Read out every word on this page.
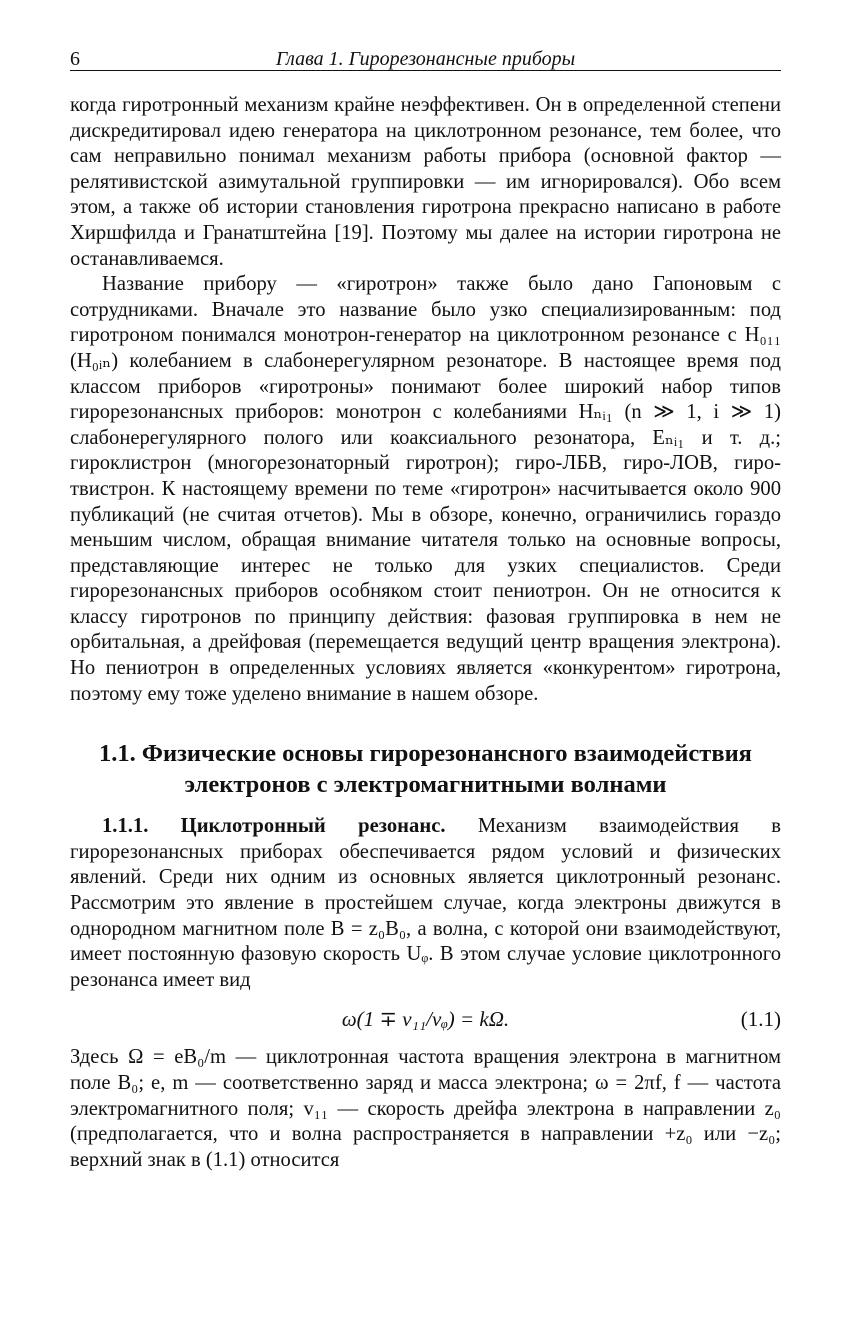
6	Глава 1. Гирорезонансные приборы

когда гиротронный механизм крайне неэффективен. Он в определенной степени дискредитировал идею генератора на циклотронном резонансе, тем более, что сам неправильно понимал механизм работы прибора (основной фактор — релятивистской азимутальной группировки — им игнорировался). Обо всем этом, а также об истории становления гиротрона прекрасно написано в работе Хиршфилда и Гранатштейна [19]. Поэтому мы далее на истории гиротрона не останавливаемся.

Название прибору — «гиротрон» также было дано Гапоновым с сотрудниками. Вначале это название было узко специализированным: под гиротроном понимался монотрон-генератор на циклотронном резонансе с H₀₁₁ (H₀ᵢₙ) колебанием в слабонерегулярном резонаторе. В настоящее время под классом приборов «гиротроны» понимают более широкий набор типов гирорезонансных приборов: монотрон с колебаниями Hₙᵢ₁ (n ≫ 1, i ≫ 1) слабонерегулярного полого или коаксиального резонатора, Eₙᵢ₁ и т. д.; гироклистрон (многорезонаторный гиротрон); гиро-ЛБВ, гиро-ЛОВ, гиро-твистрон. К настоящему времени по теме «гиротрон» насчитывается около 900 публикаций (не считая отчетов). Мы в обзоре, конечно, ограничились гораздо меньшим числом, обращая внимание читателя только на основные вопросы, представляющие интерес не только для узких специалистов. Среди гирорезонансных приборов особняком стоит пениотрон. Он не относится к классу гиротронов по принципу действия: фазовая группировка в нем не орбитальная, а дрейфовая (перемещается ведущий центр вращения электрона). Но пениотрон в определенных условиях является «конкурентом» гиротрона, поэтому ему тоже уделено внимание в нашем обзоре.

1.1. Физические основы гирорезонансного взаимодействия электронов с электромагнитными волнами

1.1.1. Циклотронный резонанс. Механизм взаимодействия в гирорезонансных приборах обеспечивается рядом условий и физических явлений. Среди них одним из основных является циклотронный резонанс. Рассмотрим это явление в простейшем случае, когда электроны движутся в однородном магнитном поле B = z₀B₀, а волна, с которой они взаимодействуют, имеет постоянную фазовую скорость Uᵩ. В этом случае условие циклотронного резонанса имеет вид

ω(1 ∓ v₁₁/vᵩ) = kΩ.	(1.1)

Здесь Ω = eB₀/m — циклотронная частота вращения электрона в магнитном поле B₀; e, m — соответственно заряд и масса электрона; ω = 2πf, f — частота электромагнитного поля; v₁₁ — скорость дрейфа электрона в направлении z₀ (предполагается, что и волна распространяется в направлении +z₀ или −z₀; верхний знак в (1.1) относится
